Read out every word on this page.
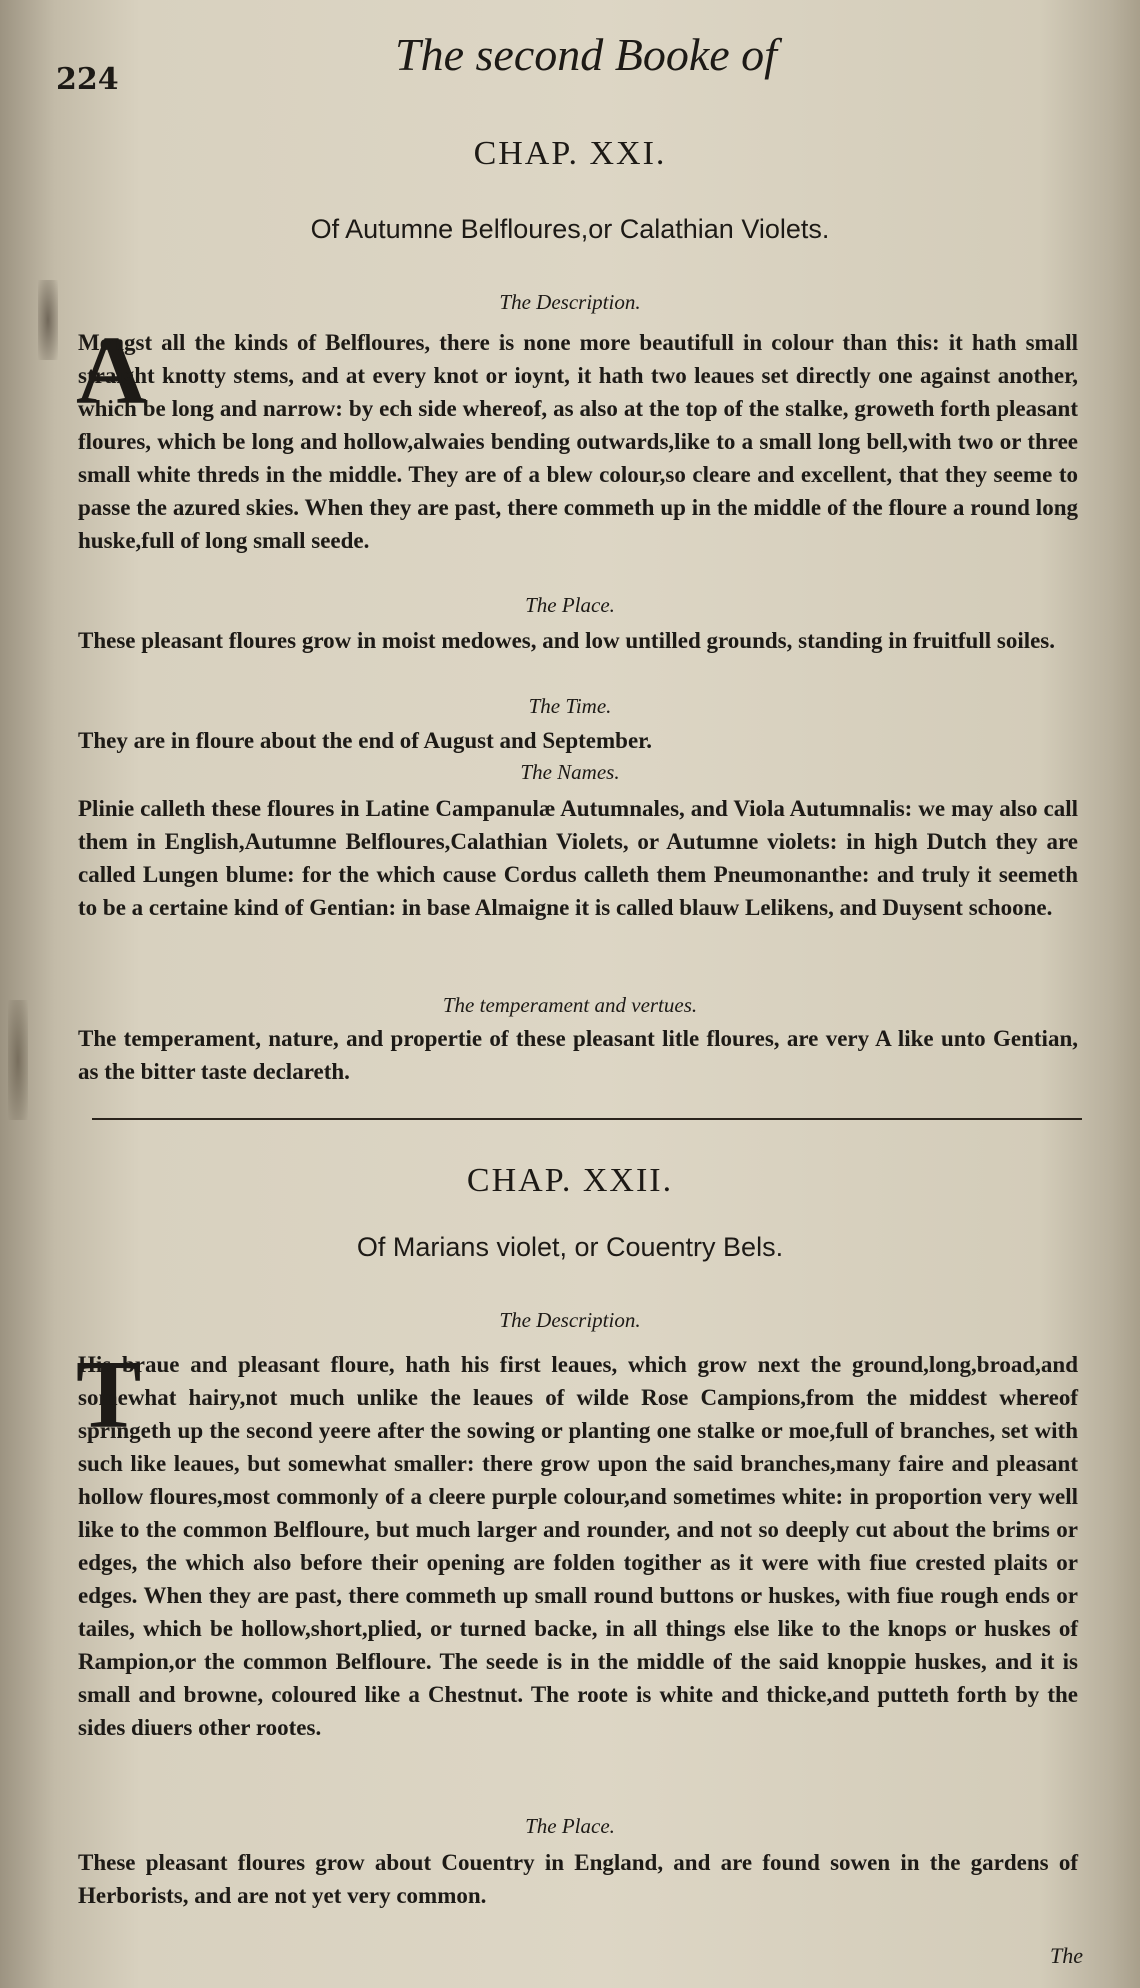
224	The second Booke of
CHAP. XXI.
Of Autumne Belfloures,or Calathian Violets.
The Description.
A

Mongst all the kinds of Belfloures, there is none more beautifull in colour than this: it hath small straight knotty stems, and at every knot or ioynt, it hath two leaues set directly one against another, which be long and narrow: by ech side whereof, as also at the top of the stalke, groweth forth pleasant floures, which be long and hollow,alwaies bending outwards,like to a small long bell,with two or three small white threds in the middle. They are of a blew colour,so cleare and excellent, that they seeme to passe the azured skies. When they are past, there commeth up in the middle of the floure a round long huske,full of long small seede.

The Place.

These pleasant floures grow in moist medowes, and low untilled grounds, standing in fruitfull soiles.

The Time.

They are in floure about the end of August and September.

The Names.

Plinie calleth these floures in Latine Campanulæ Autumnales, and Viola Autumnalis: we may also call them in English,Autumne Belfloures,Calathian Violets, or Autumne violets: in high Dutch they are called Lungen blume: for the which cause Cordus calleth them Pneumonanthe: and truly it seemeth to be a certaine kind of Gentian: in base Almaigne it is called blauw Lelikens, and Duysent schoone.

The temperament and vertues.

The temperament, nature, and propertie of these pleasant litle floures, are very A like unto Gentian, as the bitter taste declareth.

CHAP. XXII.
Of Marians violet, or Couentry Bels.
The Description.
T

His braue and pleasant floure, hath his first leaues, which grow next the ground,long,broad,and somewhat hairy,not much unlike the leaues of wilde Rose Campions,from the middest whereof springeth up the second yeere after the sowing or planting one stalke or moe,full of branches, set with such like leaues, but somewhat smaller: there grow upon the said branches,many faire and pleasant hollow floures,most commonly of a cleere purple colour,and sometimes white: in proportion very well like to the common Belfloure, but much larger and rounder, and not so deeply cut about the brims or edges, the which also before their opening are folden togither as it were with fiue crested plaits or edges. When they are past, there commeth up small round buttons or huskes, with fiue rough ends or tailes, which be hollow,short,plied, or turned backe, in all things else like to the knops or huskes of Rampion,or the common Belfloure. The seede is in the middle of the said knoppie huskes, and it is small and browne, coloured like a Chestnut. The roote is white and thicke,and putteth forth by the sides diuers other rootes.

The Place.

These pleasant floures grow about Couentry in England, and are found sowen in the gardens of Herborists, and are not yet very common.

The
